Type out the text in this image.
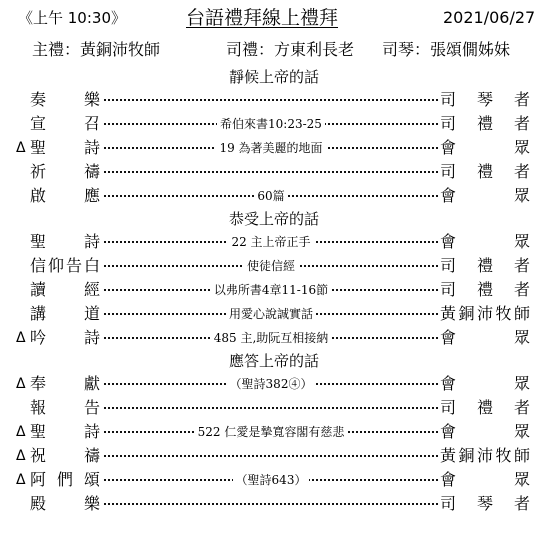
《上午 10:30》	台語禮拜線上禮拜	2021/06/27
主禮：黃銅沛牧師	司禮：方東利長老 司琴：張頌僩姊妹
靜候上帝的話
奏樂	司琴者
宣召	希伯來書10:23-25	司禮者
Δ 聖詩	19 為著美麗的地面	會眾
祈禱	司禮者
啟應	60篇	會眾
恭受上帝的話
聖詩	22 主上帝正手	會眾
信仰告白	使徒信經	司禮者
讀經	以弗所書4章11-16節	司禮者
講道	用愛心說誠實話	黃銅沛牧師
Δ 吟詩	485 主,助阮互相接納	會眾
應答上帝的話
Δ 奉獻	（聖詩382④）	會眾
報告	司禮者
Δ 聖詩	522 仁愛是摯寬容閣有慈悲	會眾
Δ 祝禱	黃銅沛牧師
Δ 阿們頌	（聖詩643）	會眾
殿樂	司琴者
